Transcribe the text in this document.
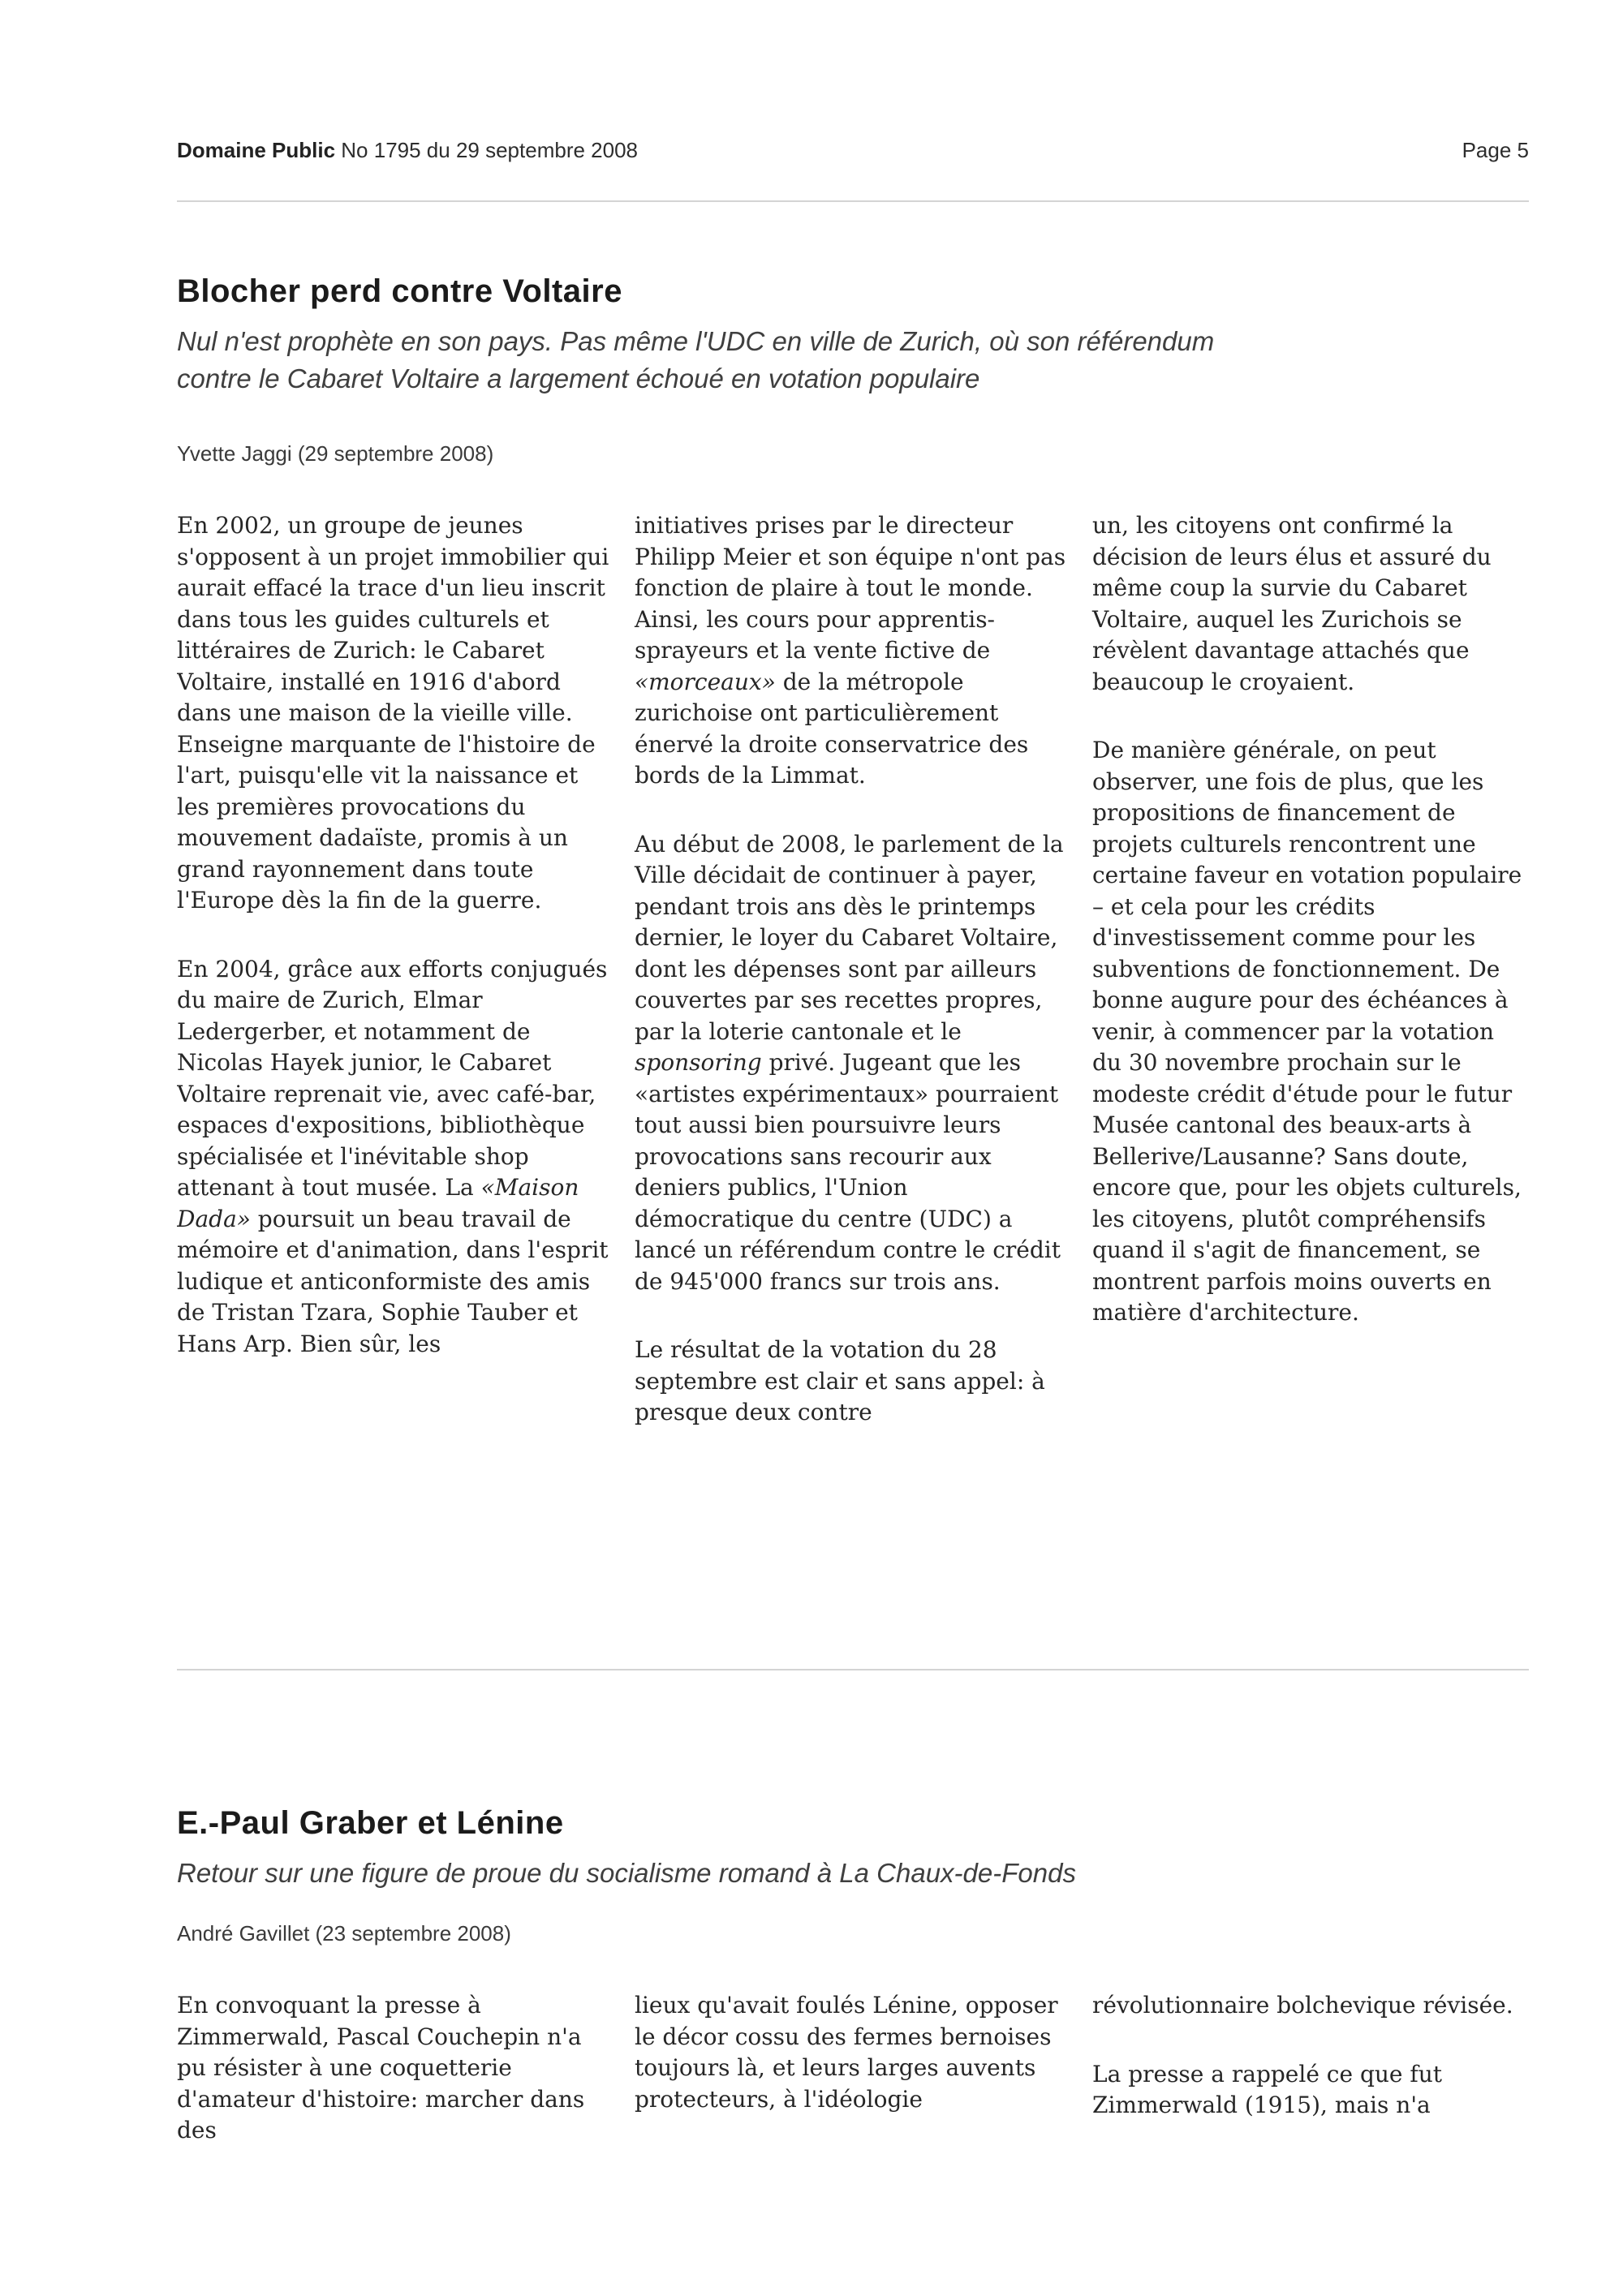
Domaine Public No 1795 du 29 septembre 2008	Page 5
Blocher perd contre Voltaire
Nul n'est prophète en son pays. Pas même l'UDC en ville de Zurich, où son référendum contre le Cabaret Voltaire a largement échoué en votation populaire
Yvette Jaggi (29 septembre 2008)

En 2002, un groupe de jeunes s'opposent à un projet immobilier qui aurait effacé la trace d'un lieu inscrit dans tous les guides culturels et littéraires de Zurich: le Cabaret Voltaire, installé en 1916 d'abord dans une maison de la vieille ville. Enseigne marquante de l'histoire de l'art, puisqu'elle vit la naissance et les premières provocations du mouvement dadaïste, promis à un grand rayonnement dans toute l'Europe dès la fin de la guerre.

En 2004, grâce aux efforts conjugués du maire de Zurich, Elmar Ledergerber, et notamment de Nicolas Hayek junior, le Cabaret Voltaire reprenait vie, avec café-bar, espaces d'expositions, bibliothèque spécialisée et l'inévitable shop attenant à tout musée. La «Maison Dada» poursuit un beau travail de mémoire et d'animation, dans l'esprit ludique et anticonformiste des amis de Tristan Tzara, Sophie Tauber et Hans Arp. Bien sûr, les

initiatives prises par le directeur Philipp Meier et son équipe n'ont pas fonction de plaire à tout le monde. Ainsi, les cours pour apprentis-sprayeurs et la vente fictive de «morceaux» de la métropole zurichoise ont particulièrement énervé la droite conservatrice des bords de la Limmat.

Au début de 2008, le parlement de la Ville décidait de continuer à payer, pendant trois ans dès le printemps dernier, le loyer du Cabaret Voltaire, dont les dépenses sont par ailleurs couvertes par ses recettes propres, par la loterie cantonale et le sponsoring privé. Jugeant que les «artistes expérimentaux» pourraient tout aussi bien poursuivre leurs provocations sans recourir aux deniers publics, l'Union démocratique du centre (UDC) a lancé un référendum contre le crédit de 945'000 francs sur trois ans.

Le résultat de la votation du 28 septembre est clair et sans appel: à presque deux contre

un, les citoyens ont confirmé la décision de leurs élus et assuré du même coup la survie du Cabaret Voltaire, auquel les Zurichois se révèlent davantage attachés que beaucoup le croyaient.

De manière générale, on peut observer, une fois de plus, que les propositions de financement de projets culturels rencontrent une certaine faveur en votation populaire – et cela pour les crédits d'investissement comme pour les subventions de fonctionnement. De bonne augure pour des échéances à venir, à commencer par la votation du 30 novembre prochain sur le modeste crédit d'étude pour le futur Musée cantonal des beaux-arts à Bellerive/Lausanne? Sans doute, encore que, pour les objets culturels, les citoyens, plutôt compréhensifs quand il s'agit de financement, se montrent parfois moins ouverts en matière d'architecture.

E.-Paul Graber et Lénine
Retour sur une figure de proue du socialisme romand à La Chaux-de-Fonds
André Gavillet (23 septembre 2008)

En convoquant la presse à Zimmerwald, Pascal Couchepin n'a pu résister à une coquetterie d'amateur d'histoire: marcher dans des

lieux qu'avait foulés Lénine, opposer le décor cossu des fermes bernoises toujours là, et leurs larges auvents protecteurs, à l'idéologie

révolutionnaire bolchevique révisée.

La presse a rappelé ce que fut Zimmerwald (1915), mais n'a
